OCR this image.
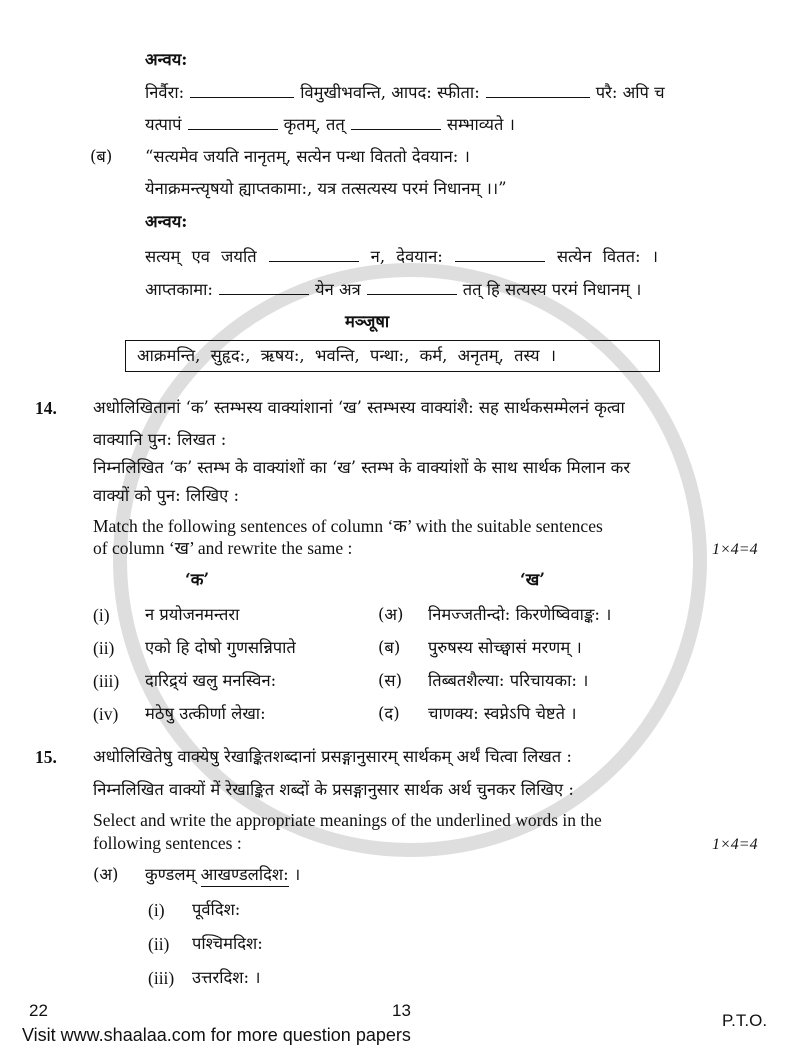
अन्वय:
निर्वैरा:	विमुखीभवन्ति, आपद: स्फीता:	परै: अपि च
यत्पापं	कृतम्, तत्	सम्भाव्यते ।
(ब) “सत्यमेव जयति नानृतम्, सत्येन पन्था विततो देवयान: ।
येनाक्रमन्त्यृषयो ह्याप्तकामा:, यत्र तत्सत्यस्य परमं निधानम् ।।”
अन्वय:
सत्यम् एव जयति	न, देवयान:	सत्येन वितत: ।
आप्तकामा:	येन अत्र	तत् हि सत्यस्य परमं निधानम् ।
मञ्जूषा
आक्रमन्ति, सुहृद:, ऋषय:, भवन्ति, पन्था:, कर्म, अनृतम्, तस्य ।
14. अधोलिखितानां ‘क’ स्तम्भस्य वाक्यांशानां ‘ख’ स्तम्भस्य वाक्यांशै: सह सार्थकसम्मेलनं कृत्वा
वाक्यानि पुन: लिखत :
निम्नलिखित ‘क’ स्तम्भ के वाक्यांशों का ‘ख’ स्तम्भ के वाक्यांशों के साथ सार्थक मिलान कर
वाक्यों को पुन: लिखिए :
Match the following sentences of column ‘क’ with the suitable sentences
of column ‘ख’ and rewrite the same :	1×4=4
‘क’	‘ख’
(i) न प्रयोजनमन्तरा	(अ) निमज्जतीन्दो: किरणेष्विवाङ्क: ।
(ii) एको हि दोषो गुणसन्निपाते	(ब) पुरुषस्य सोच्छ्वासं मरणम् ।
(iii) दारिद्र्यं खलु मनस्विन:	(स) तिब्बतशैल्या: परिचायका: ।
(iv) मठेषु उत्कीर्णा लेखा:	(द) चाणक्य: स्वप्नेऽपि चेष्टते ।
15. अधोलिखितेषु वाक्येषु रेखाङ्कितशब्दानां प्रसङ्गानुसारम् सार्थकम् अर्थं चित्वा लिखत :
निम्नलिखित वाक्यों में रेखाङ्कित शब्दों के प्रसङ्गानुसार सार्थक अर्थ चुनकर लिखिए :
Select and write the appropriate meanings of the underlined words in the
following sentences :	1×4=4
(अ) कुण्डलम् आखण्डलदिश: ।
(i) पूर्वदिश:
(ii) पश्चिमदिश:
(iii) उत्तरदिश: ।
22	13
P.T.O.
Visit www.shaalaa.com for more question papers
